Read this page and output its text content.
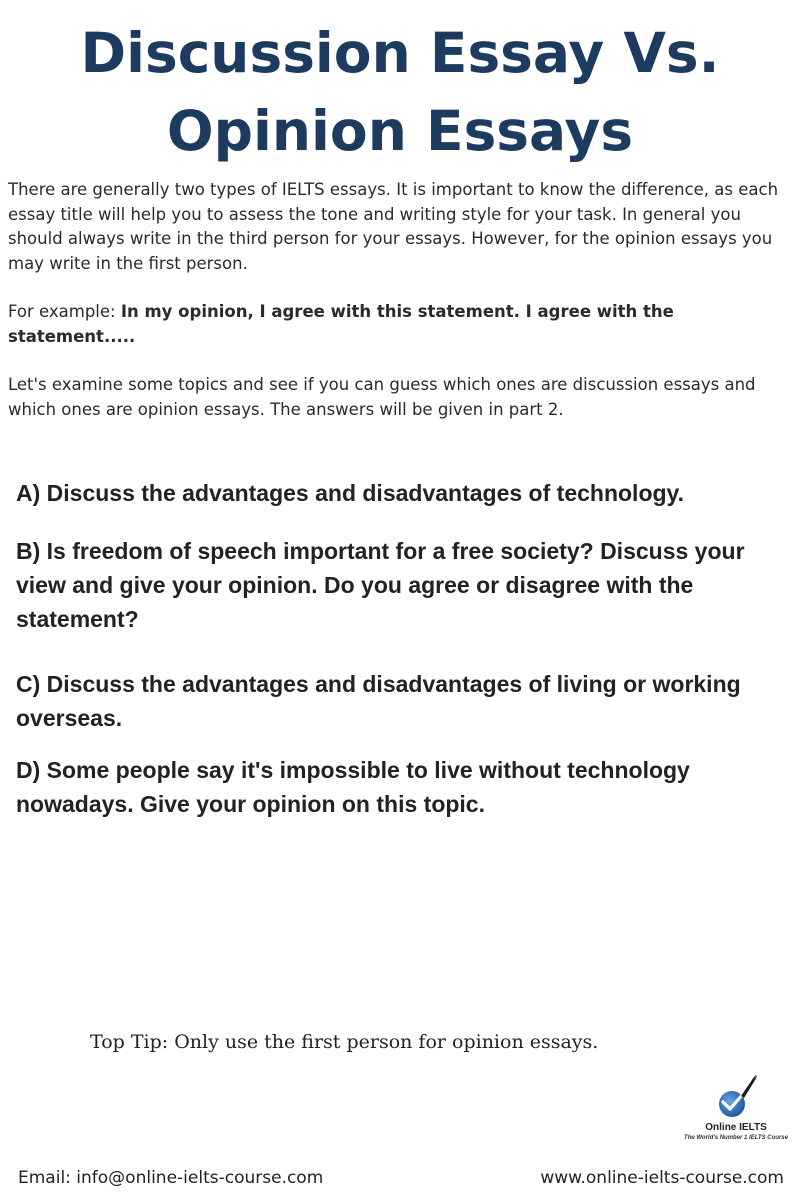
Discussion Essay Vs.
Opinion Essays

There are generally two types of IELTS essays. It is important to know the difference, as each essay title will help you to assess the tone and writing style for your task. In general you should always write in the third person for your essays. However, for the opinion essays you may write in the first person.

For example: In my opinion, I agree with this statement. I agree with the statement.....

Let's examine some topics and see if you can guess which ones are discussion essays and which ones are opinion essays. The answers will be given in part 2.

A) Discuss the advantages and disadvantages of technology.

B) Is freedom of speech important for a free society? Discuss your view and give your opinion. Do you agree or disagree with the statement?

C) Discuss the advantages and disadvantages of living or working overseas.

D) Some people say it's impossible to live without technology nowadays. Give your opinion on this topic.

Top Tip: Only use the first person for opinion essays.
Online IELTS
The World's Number 1 IELTS Course
Email: info@online-ielts-course.com	www.online-ielts-course.com
